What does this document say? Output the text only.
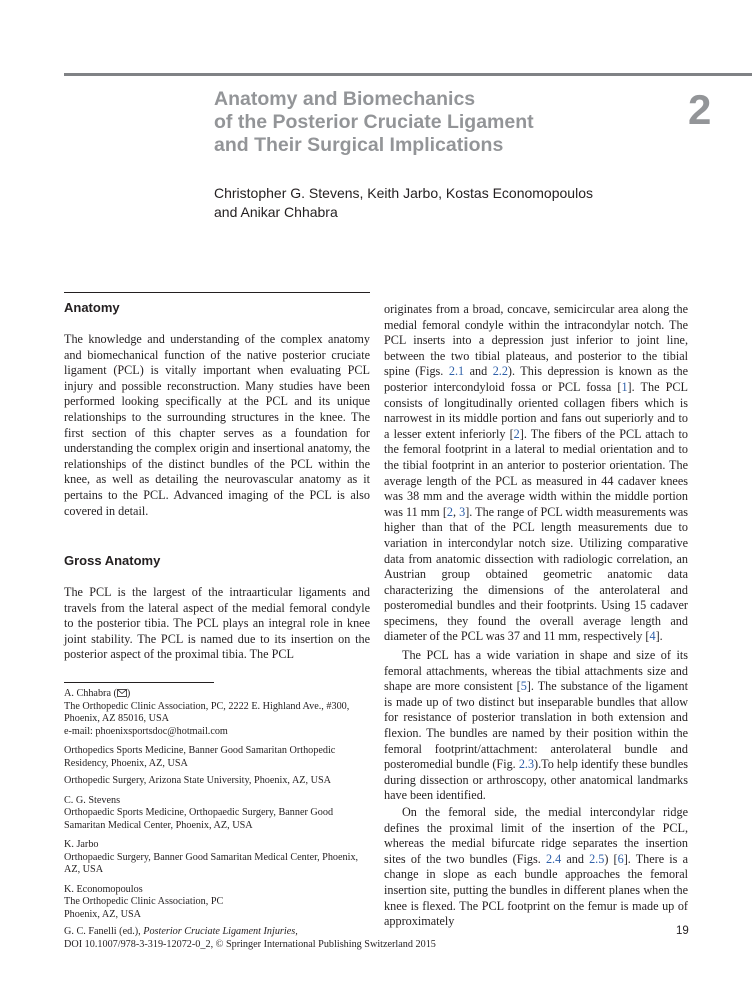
Anatomy and Biomechanics
of the Posterior Cruciate Ligament
and Their Surgical Implications
2
Christopher G. Stevens, Keith Jarbo, Kostas Economopoulos
and Anikar Chhabra
Anatomy

The knowledge and understanding of the complex anatomy and biomechanical function of the native posterior cruciate ligament (PCL) is vitally important when evaluating PCL injury and possible reconstruction. Many studies have been performed looking specifically at the PCL and its unique relationships to the surrounding structures in the knee. The first section of this chapter serves as a foundation for understanding the complex origin and insertional anatomy, the relationships of the distinct bundles of the PCL within the knee, as well as detailing the neurovascular anatomy as it pertains to the PCL. Advanced imaging of the PCL is also covered in detail.

Gross Anatomy

The PCL is the largest of the intraarticular ligaments and travels from the lateral aspect of the medial femoral condyle to the posterior tibia. The PCL plays an integral role in knee joint stability. The PCL is named due to its insertion on the posterior aspect of the proximal tibia. The PCL

originates from a broad, concave, semicircular area along the medial femoral condyle within the intracondylar notch. The PCL inserts into a depression just inferior to joint line, between the two tibial plateaus, and posterior to the tibial spine (Figs. 2.1 and 2.2). This depression is known as the posterior intercondyloid fossa or PCL fossa [1]. The PCL consists of longitudinally oriented collagen fibers which is narrowest in its middle portion and fans out superiorly and to a lesser extent inferiorly [2]. The fibers of the PCL attach to the femoral footprint in a lateral to medial orientation and to the tibial footprint in an anterior to posterior orientation. The average length of the PCL as measured in 44 cadaver knees was 38 mm and the average width within the middle portion was 11 mm [2, 3]. The range of PCL width measurements was higher than that of the PCL length measurements due to variation in intercondylar notch size. Utilizing comparative data from anatomic dissection with radiologic correlation, an Austrian group obtained geometric anatomic data characterizing the dimensions of the anterolateral and posteromedial bundles and their footprints. Using 15 cadaver specimens, they found the overall average length and diameter of the PCL was 37 and 11 mm, respectively [4].

The PCL has a wide variation in shape and size of its femoral attachments, whereas the tibial attachments size and shape are more consistent [5]. The substance of the ligament is made up of two distinct but inseparable bundles that allow for resistance of posterior translation in both extension and flexion. The bundles are named by their position within the femoral footprint/attachment: anterolateral bundle and posteromedial bundle (Fig. 2.3).To help identify these bundles during dissection or arthroscopy, other anatomical landmarks have been identified.

On the femoral side, the medial intercondylar ridge defines the proximal limit of the insertion of the PCL, whereas the medial bifurcate ridge separates the insertion sites of the two bundles (Figs. 2.4 and 2.5) [6]. There is a change in slope as each bundle approaches the femoral insertion site, putting the bundles in different planes when the knee is flexed. The PCL footprint on the femur is made up of approximately

A. Chhabra ( )
The Orthopedic Clinic Association, PC, 2222 E. Highland Ave., #300, Phoenix, AZ 85016, USA
e-mail: phoenixsportsdoc@hotmail.com
Orthopedics Sports Medicine, Banner Good Samaritan Orthopedic Residency, Phoenix, AZ, USA
Orthopedic Surgery, Arizona State University, Phoenix, AZ, USA
C. G. Stevens
Orthopaedic Sports Medicine, Orthopaedic Surgery, Banner Good Samaritan Medical Center, Phoenix, AZ, USA
K. Jarbo
Orthopaedic Surgery, Banner Good Samaritan Medical Center, Phoenix, AZ, USA
K. Economopoulos
The Orthopedic Clinic Association, PC
Phoenix, AZ, USA
G. C. Fanelli (ed.), Posterior Cruciate Ligament Injuries,
DOI 10.1007/978-3-319-12072-0_2, © Springer International Publishing Switzerland 2015
19
